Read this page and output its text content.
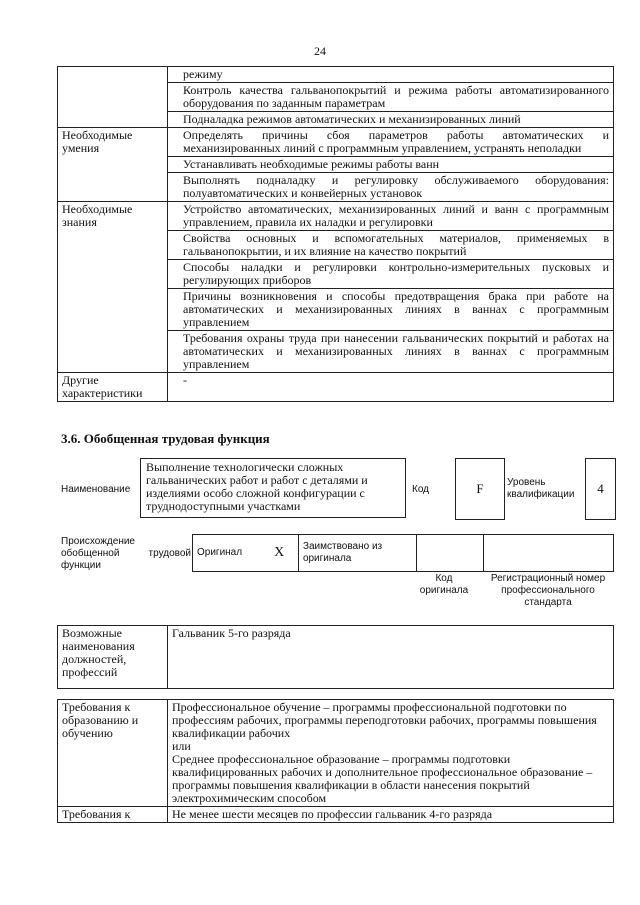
24
	режиму
	Контроль качества гальванопокрытий и режима работы автоматизированного оборудования по заданным параметрам
	Подналадка режимов автоматических и механизированных линий
Необходимые умения	Определять причины сбоя параметров работы автоматических и механизированных линий с программным управлением, устранять неполадки
	Устанавливать необходимые режимы работы ванн
	Выполнять подналадку и регулировку обслуживаемого оборудования: полуавтоматических и конвейерных установок
Необходимые знания	Устройство автоматических, механизированных линий и ванн с программным управлением, правила их наладки и регулировки
	Свойства основных и вспомогательных материалов, применяемых в гальванопокрытии, и их влияние на качество покрытий
	Способы наладки и регулировки контрольно-измерительных пусковых и регулирующих приборов
	Причины возникновения и способы предотвращения брака при работе на автоматических и механизированных линиях в ваннах с программным управлением
	Требования охраны труда при нанесении гальванических покрытий и работах на автоматических и механизированных линиях в ваннах с программным управлением
Другие характеристики	-
3.6. Обобщенная трудовая функция
Наименование
Выполнение технологически сложных гальванических работ и работ с деталями и изделиями особо сложной конфигурации с труднодоступными участками
Код	F	Уровень квалификации	4
Происхождение обобщенной трудовой функции
Оригинал	X	Заимствовано из оригинала		
Код оригинала
Регистрационный номер профессионального стандарта
Возможные наименования должностей, профессий	Гальваник 5-го разряда
Требования к образованию и обучению	Профессиональное обучение – программы профессиональной подготовки по профессиям рабочих, программы переподготовки рабочих, программы повышения квалификации рабочих
или
Среднее профессиональное образование – программы подготовки квалифицированных рабочих и дополнительное профессиональное образование – программы повышения квалификации в области нанесения покрытий электрохимическим способом

Требования к	Не менее шести месяцев по профессии гальваник 4-го разряда
